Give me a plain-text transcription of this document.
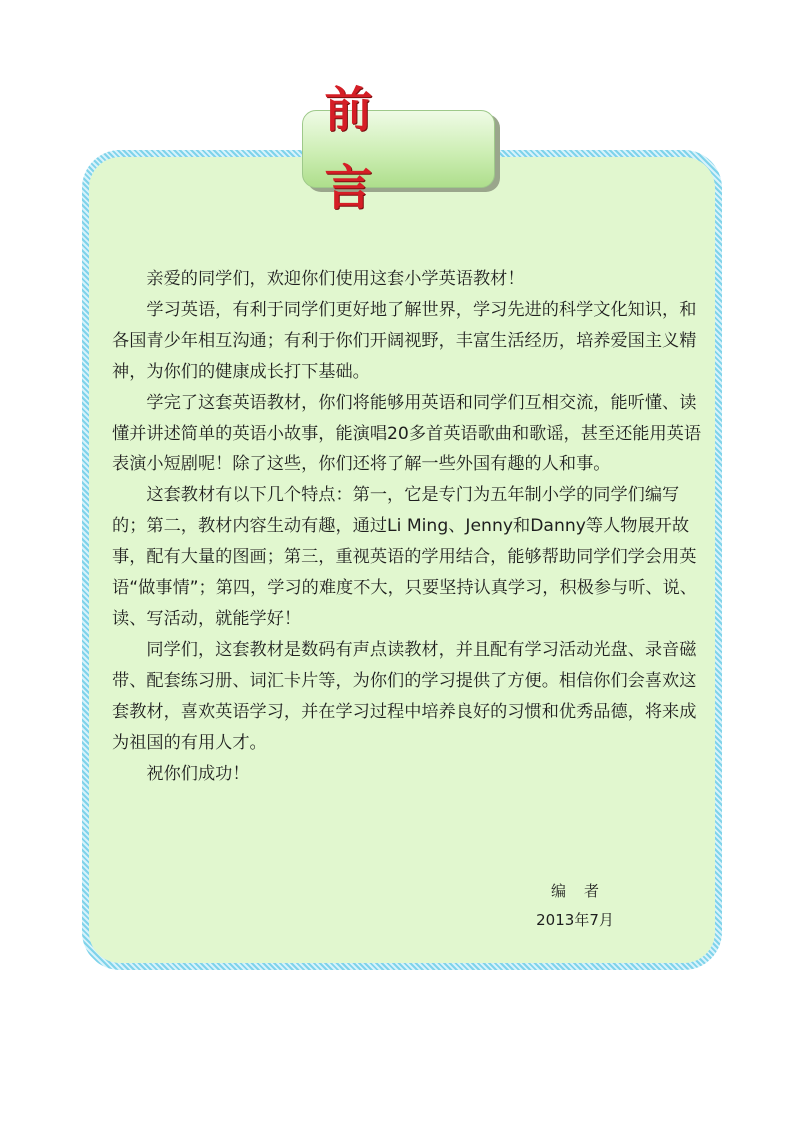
前　言

亲爱的同学们，欢迎你们使用这套小学英语教材！

学习英语，有利于同学们更好地了解世界，学习先进的科学文化知识，和各国青少年相互沟通；有利于你们开阔视野，丰富生活经历，培养爱国主义精神，为你们的健康成长打下基础。

学完了这套英语教材，你们将能够用英语和同学们互相交流，能听懂、读懂并讲述简单的英语小故事，能演唱20多首英语歌曲和歌谣，甚至还能用英语表演小短剧呢！除了这些，你们还将了解一些外国有趣的人和事。

这套教材有以下几个特点：第一，它是专门为五年制小学的同学们编写的；第二，教材内容生动有趣，通过Li Ming、Jenny和Danny等人物展开故事，配有大量的图画；第三，重视英语的学用结合，能够帮助同学们学会用英语“做事情”；第四，学习的难度不大，只要坚持认真学习，积极参与听、说、读、写活动，就能学好！

同学们，这套教材是数码有声点读教材，并且配有学习活动光盘、录音磁带、配套练习册、词汇卡片等，为你们的学习提供了方便。相信你们会喜欢这套教材，喜欢英语学习，并在学习过程中培养良好的习惯和优秀品德，将来成为祖国的有用人才。

祝你们成功！

编者
2013年7月
